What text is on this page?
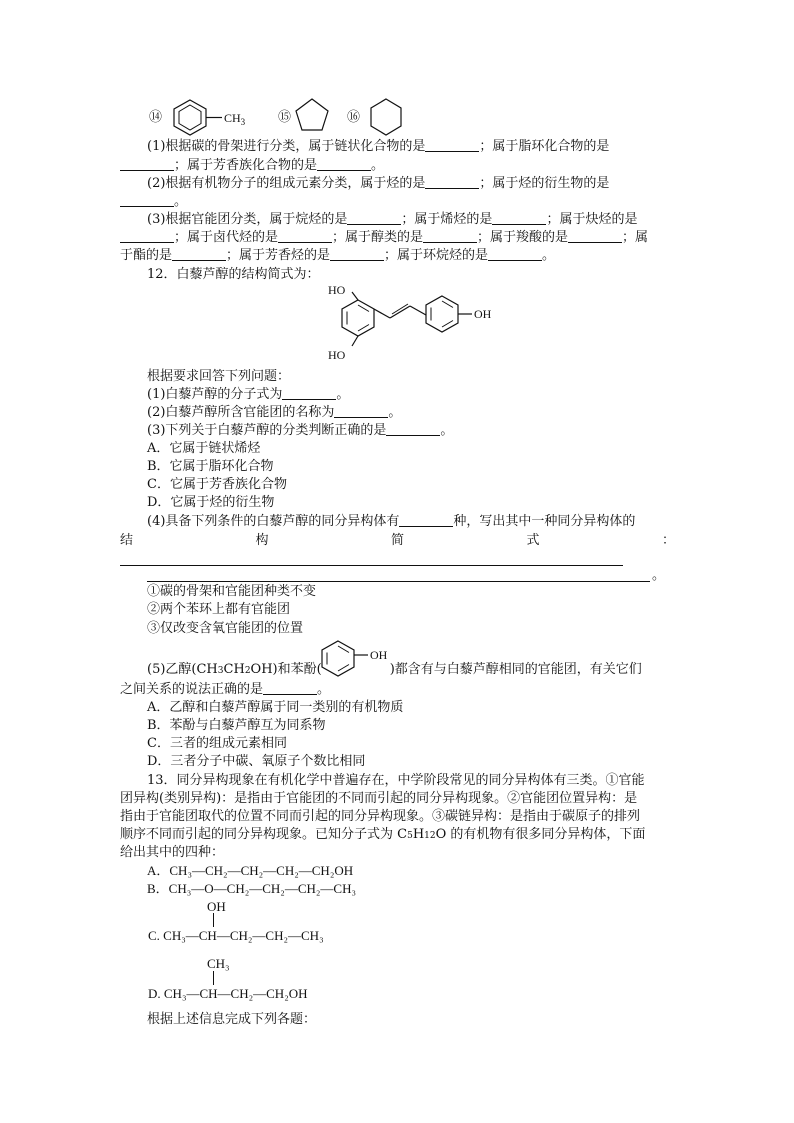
⑭	$CH_3$	⑮	⑯
(1)根据碳的骨架进行分类，属于链状化合物的是	；属于脂环化合物的是
；属于芳香族化合物的是	。
(2)根据有机物分子的组成元素分类，属于烃的是	；属于烃的衍生物的是
。
(3)根据官能团分类，属于烷烃的是	；属于烯烃的是	；属于炔烃的是
；属于卤代烃的是	；属于醇类的是	；属于羧酸的是	；属
于酯的是	；属于芳香烃的是	；属于环烷烃的是	。
12．白藜芦醇的结构简式为：
HO
HO
OH
根据要求回答下列问题：
(1)白藜芦醇的分子式为	。
(2)白藜芦醇所含官能团的名称为	。
(3)下列关于白藜芦醇的分类判断正确的是	。
A．它属于链状烯烃
B．它属于脂环化合物
C．它属于芳香族化合物
D．它属于烃的衍生物
(4)具备下列条件的白藜芦醇的同分异构体有	种，写出其中一种同分异构体的
结	构	简	式	：
。
①碳的骨架和官能团种类不变
②两个苯环上都有官能团
③仅改变含氧官能团的位置
(5)乙醇(CH3CH2OH)和苯酚(	)都含有与白藜芦醇相同的官能团，有关它们
OH
之间关系的说法正确的是	。
A．乙醇和白藜芦醇属于同一类别的有机物质
B．苯酚与白藜芦醇互为同系物
C．三者的组成元素相同
D．三者分子中碳、氧原子个数比相同
13．同分异构现象在有机化学中普遍存在，中学阶段常见的同分异构体有三类。①官能
团异构(类别异构)：是指由于官能团的不同而引起的同分异构现象。②官能团位置异构：是
指由于官能团取代的位置不同而引起的同分异构现象。③碳链异构：是指由于碳原子的排列
顺序不同而引起的同分异构现象。已知分子式为 C5H12O 的有机物有很多同分异构体，下面
给出其中的四种：
A．CH₃—CH₂—CH₂—CH₂—CH₂OH
B．CH₃—O—CH₂—CH₂—CH₂—CH₃
OH
C. CH₃—CH—CH₂—CH₂—CH₃
CH₃
D. CH₃—CH—CH₂—CH₂OH
根据上述信息完成下列各题：
